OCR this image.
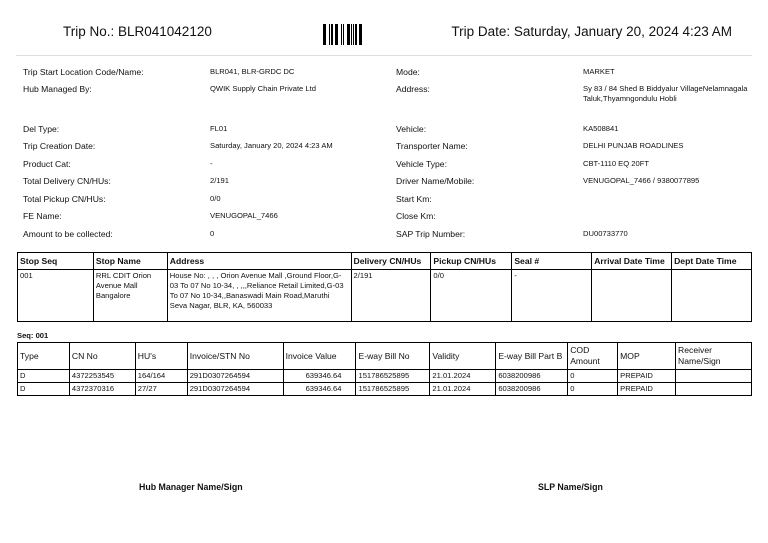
Trip No.: BLR041042120	Trip Date: Saturday, January 20, 2024 4:23 AM
Trip Start Location Code/Name:	BLR041, BLR-GRDC DC
Hub Managed By:	QWIK Supply Chain Private Ltd
Del Type:	FL01
Trip Creation Date:	Saturday, January 20, 2024 4:23 AM
Product Cat:	-
Total Delivery CN/HUs:	2/191
Total Pickup CN/HUs:	0/0
FE Name:	VENUGOPAL_7466
Amount to be collected:	0
Mode:	MARKET
Address:	Sy 83 / 84 Shed B Biddyalur VillageNelamnagala Taluk,Thyamngondulu Hobli
Vehicle:	KA508841
Transporter Name:	DELHI PUNJAB ROADLINES
Vehicle Type:	CBT-1110 EQ 20FT
Driver Name/Mobile:	VENUGOPAL_7466 / 9380077895
Start Km:
Close Km:
SAP Trip Number:	DU00733770
Stop Seq	Stop Name	Address	Delivery CN/HUs	Pickup CN/HUs	Seal #	Arrival Date Time	Dept Date Time
001	RRL CDIT Orion Avenue Mall Bangalore	House No: , , , Orion Avenue Mall ,Ground Floor,G-03 To 07 No 10-34, , ,,,Reliance Retail Limited,G-03 To 07 No 10-34,,Banaswadi Main Road,Maruthi Seva Nagar, BLR, KA, 560033	2/191	0/0	-		
Seq: 001
Type	CN No	HU's	Invoice/STN No	Invoice Value	E-way Bill No	Validity	E-way Bill Part B	COD Amount	MOP	Receiver Name/Sign
D	4372253545	164/164	291D0307264594	639346.64	151786525895	21.01.2024	6038200986	0	PREPAID	
D	4372370316	27/27	291D0307264594	639346.64	151786525895	21.01.2024	6038200986	0	PREPAID	
Hub Manager Name/Sign	SLP Name/Sign
